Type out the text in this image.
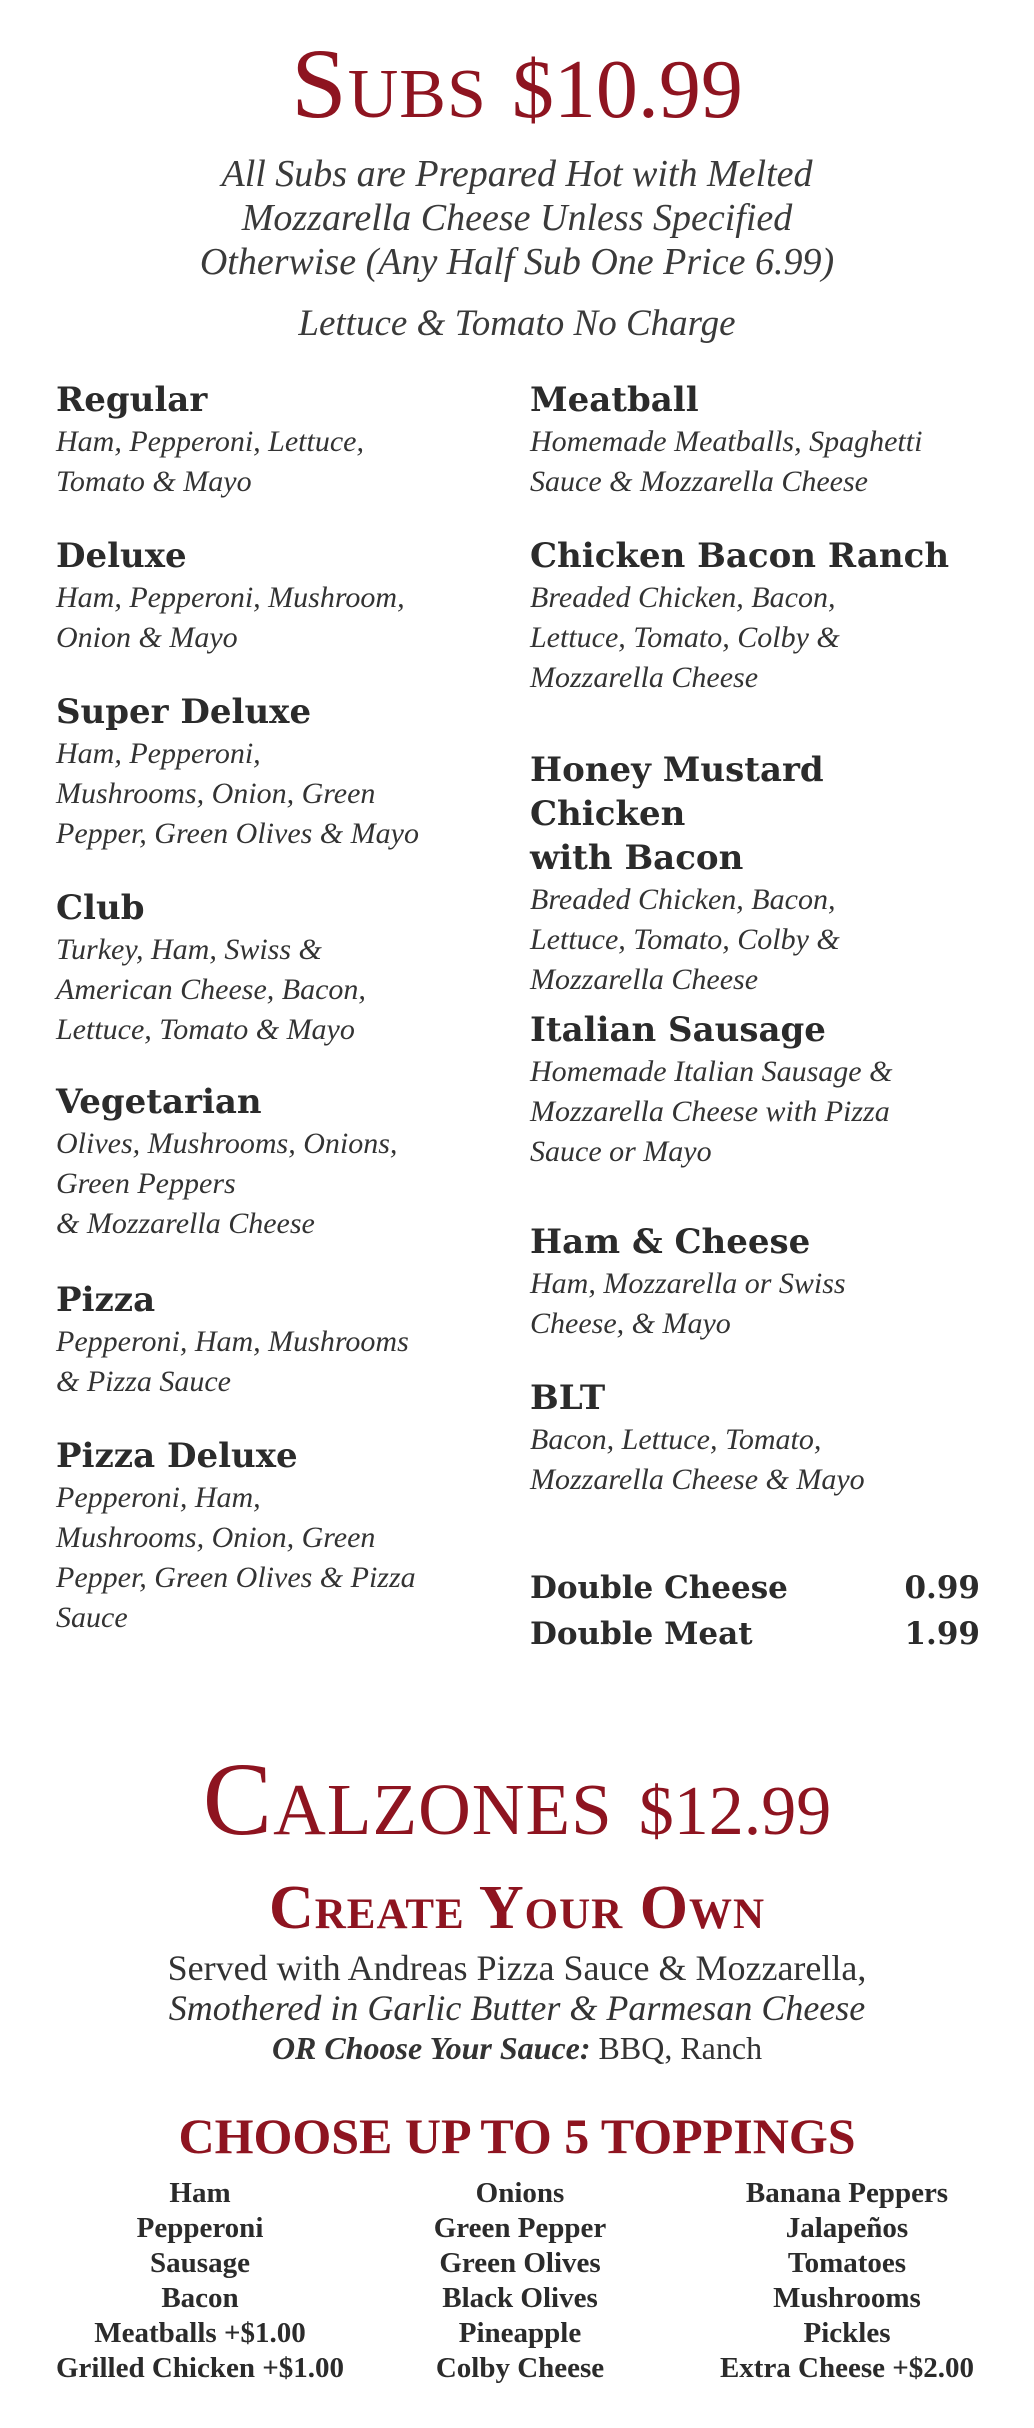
Subs $10.99
All Subs are Prepared Hot with Melted
Mozzarella Cheese Unless Specified
Otherwise (Any Half Sub One Price 6.99)
Lettuce & Tomato No Charge
Regular
Ham, Pepperoni, Lettuce,
Tomato & Mayo
Deluxe
Ham, Pepperoni, Mushroom,
Onion & Mayo
Super Deluxe
Ham, Pepperoni,
Mushrooms, Onion, Green
Pepper, Green Olives & Mayo
Club
Turkey, Ham, Swiss &
American Cheese, Bacon,
Lettuce, Tomato & Mayo
Vegetarian
Olives, Mushrooms, Onions,
Green Peppers
& Mozzarella Cheese
Pizza
Pepperoni, Ham, Mushrooms
& Pizza Sauce
Pizza Deluxe
Pepperoni, Ham,
Mushrooms, Onion, Green
Pepper, Green Olives & Pizza
Sauce
Meatball
Homemade Meatballs, Spaghetti
Sauce & Mozzarella Cheese
Chicken Bacon Ranch
Breaded Chicken, Bacon,
Lettuce, Tomato, Colby &
Mozzarella Cheese
Honey Mustard Chicken
with Bacon
Breaded Chicken, Bacon,
Lettuce, Tomato, Colby &
Mozzarella Cheese
Italian Sausage
Homemade Italian Sausage &
Mozzarella Cheese with Pizza
Sauce or Mayo
Ham & Cheese
Ham, Mozzarella or Swiss
Cheese, & Mayo
BLT
Bacon, Lettuce, Tomato,
Mozzarella Cheese & Mayo
Double Cheese	0.99
Double Meat	1.99
Calzones $12.99
Create Your Own
Served with Andreas Pizza Sauce & Mozzarella,
Smothered in Garlic Butter & Parmesan Cheese
OR Choose Your Sauce: BBQ, Ranch
CHOOSE UP TO 5 TOPPINGS
Ham
Pepperoni
Sausage
Bacon
Meatballs +$1.00
Grilled Chicken +$1.00
Onions
Green Pepper
Green Olives
Black Olives
Pineapple
Colby Cheese
Banana Peppers
Jalapeños
Tomatoes
Mushrooms
Pickles
Extra Cheese +$2.00
